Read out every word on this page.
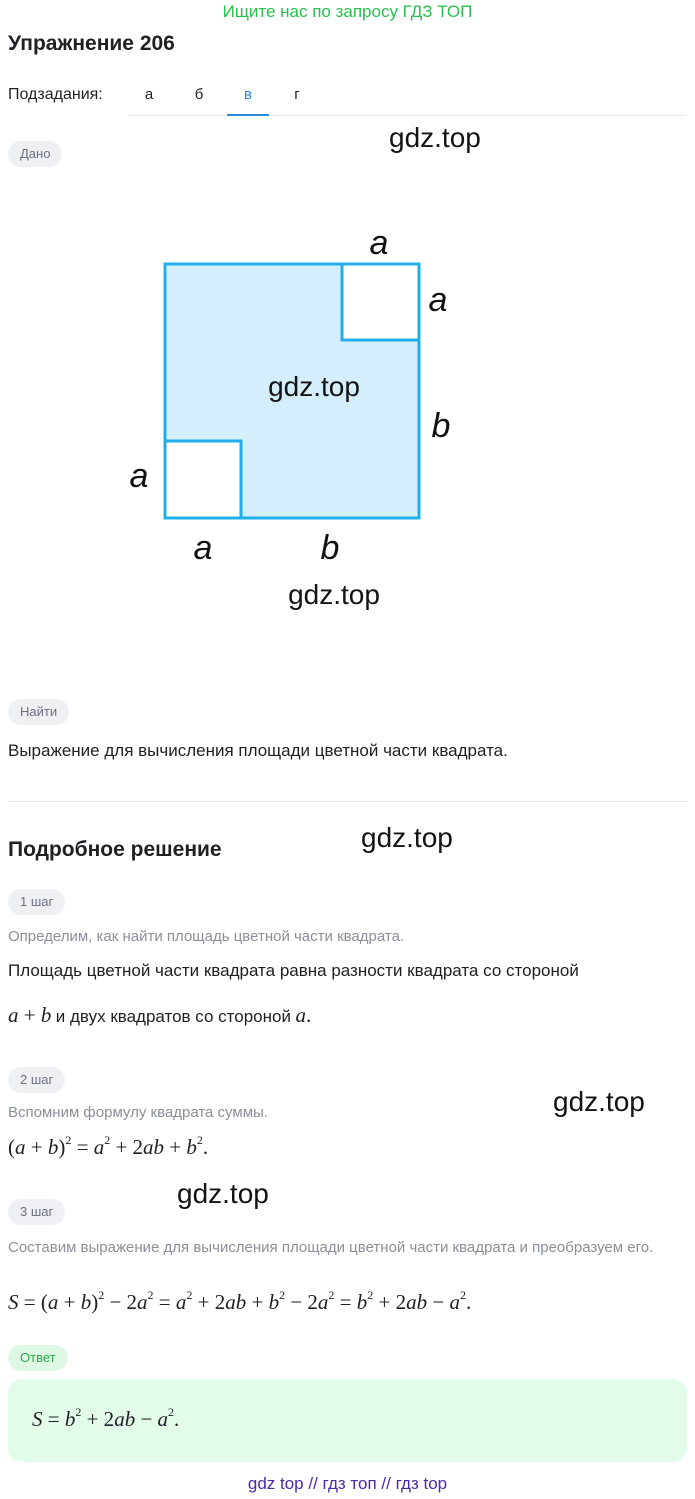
Ищите нас по запросу ГДЗ ТОП
Упражнение 206
Подзадания:	а	б	в	г
Дано
gdz.top
a
a
b
a
a	b
gdz.top
gdz.top
Найти
Выражение для вычисления площади цветной части квадрата.
Подробное решение	gdz.top
1 шаг
Определим, как найти площадь цветной части квадрата.
Площадь цветной части квадрата равна разности квадрата со стороной
a + b и двух квадратов со стороной a.
2 шаг
gdz.top
Вспомним формулу квадрата суммы.
$(a + b)^2 = a^2 + 2ab + b^2$.
gdz.top
3 шаг
Составим выражение для вычисления площади цветной части квадрата и преобразуем его.
$S = (a + b)^2 - 2a^2 = a^2 + 2ab + b^2 - 2a^2 = b^2 + 2ab - a^2$.
Ответ
$S = b^2 + 2ab - a^2$.
gdz top // гдз топ // гдз top
